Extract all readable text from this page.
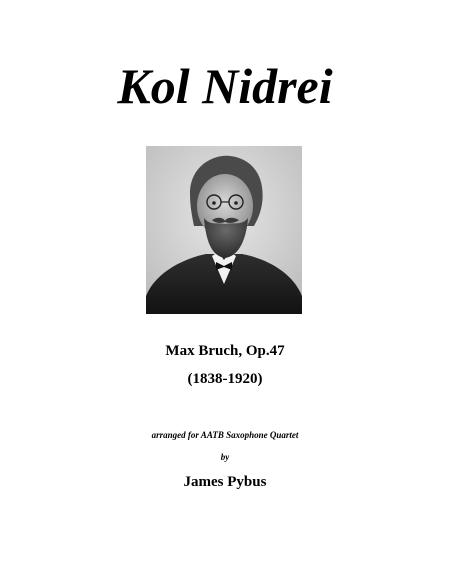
Kol Nidrei

Max Bruch, Op.47

(1838-1920)

arranged for AATB Saxophone Quartet

by

James Pybus
